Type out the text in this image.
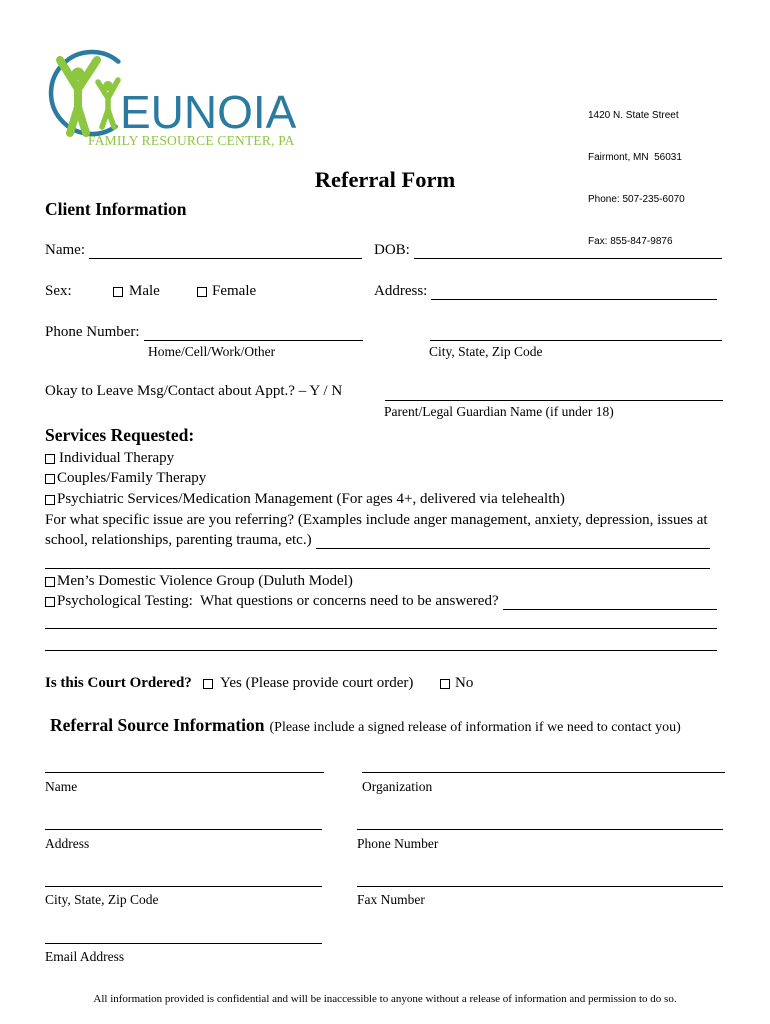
EUNOIA
FAMILY RESOURCE CENTER, PA

1420 N. State Street

Fairmont, MN  56031

Phone: 507-235-6070

Fax: 855-847-9876

Referral Form
Client Information
Name:	DOB:
Sex:	Male	Female	Address:
Phone Number:
Home/Cell/Work/Other	City, State, Zip Code
Okay to Leave Msg/Contact about Appt.? – Y / N
Parent/Legal Guardian Name (if under 18)
Services Requested:
Individual Therapy
Couples/Family Therapy
Psychiatric Services/Medication Management (For ages 4+, delivered via telehealth)
For what specific issue are you referring? (Examples include anger management, anxiety, depression, issues at
school, relationships, parenting trauma, etc.)
Men’s Domestic Violence Group (Duluth Model)
Psychological Testing:  What questions or concerns need to be answered?
Is this Court Ordered? Yes (Please provide court order)	No
Referral Source Information (Please include a signed release of information if we need to contact you)
Name	Organization
Address	Phone Number
City, State, Zip Code	Fax Number
Email Address
All information provided is confidential and will be inaccessible to anyone without a release of information and permission to do so.
